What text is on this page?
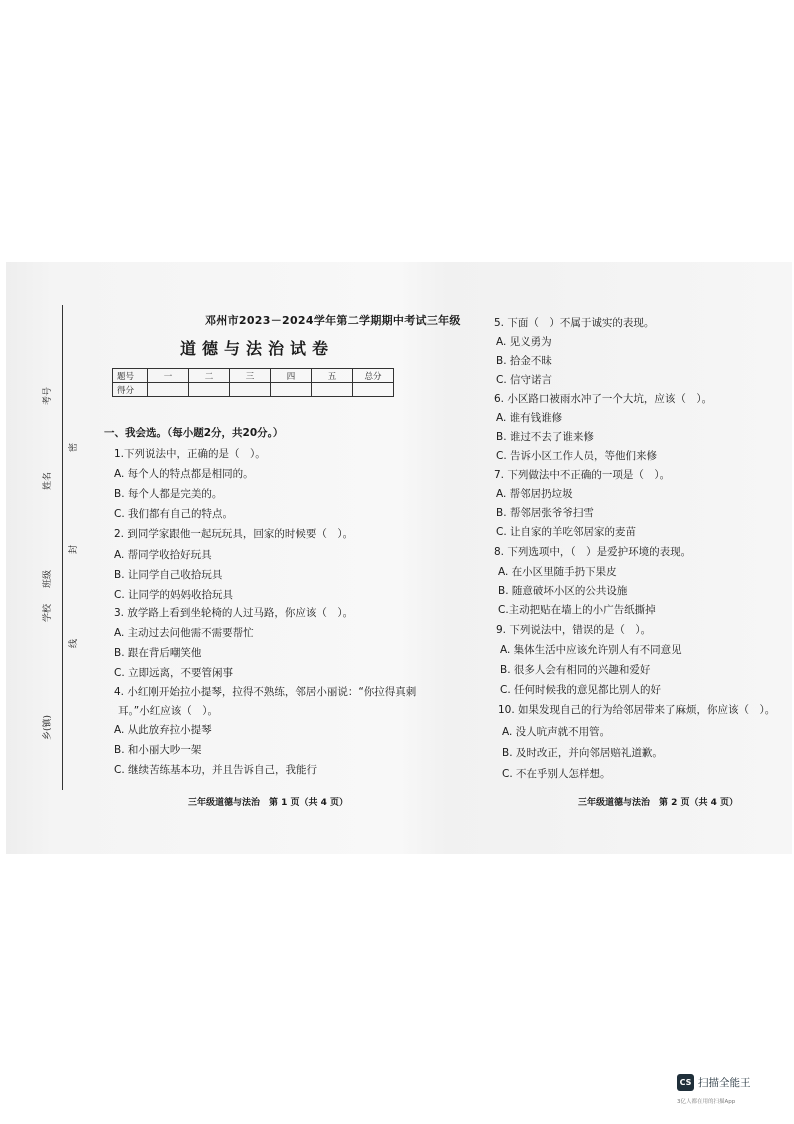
考号
姓名
密
封
班级
学校
线
乡(镇)
邓州市2023－2024学年第二学期期中考试三年级
道德与法治试卷
题号	一	二	三	四	五	总分
得分						
一、我会选。（每小题2分，共20分。）
1.下列说法中，正确的是（　）。
A. 每个人的特点都是相同的。
B. 每个人都是完美的。
C. 我们都有自己的特点。
2. 到同学家跟他一起玩玩具，回家的时候要（　）。
A. 帮同学收拾好玩具
B. 让同学自己收拾玩具
C. 让同学的妈妈收拾玩具
3. 放学路上看到坐轮椅的人过马路，你应该（　）。
A. 主动过去问他需不需要帮忙
B. 跟在背后嘲笑他
C. 立即远离，不要管闲事
4. 小红刚开始拉小提琴，拉得不熟练，邻居小丽说：“你拉得真刺
耳。”小红应该（　）。
A. 从此放弃拉小提琴
B. 和小丽大吵一架
C. 继续苦练基本功，并且告诉自己，我能行
三年级道德与法治　第 1 页（共 4 页）
5. 下面（　）不属于诚实的表现。
A. 见义勇为
B. 拾金不昧
C. 信守诺言
6. 小区路口被雨水冲了一个大坑，应该（　）。
A. 谁有钱谁修
B. 谁过不去了谁来修
C. 告诉小区工作人员，等他们来修
7. 下列做法中不正确的一项是（　）。
A. 帮邻居扔垃圾
B. 帮邻居张爷爷扫雪
C. 让自家的羊吃邻居家的麦苗
8. 下列选项中，（　）是爱护环境的表现。
A. 在小区里随手扔下果皮
B. 随意破坏小区的公共设施
C.主动把贴在墙上的小广告纸撕掉
9. 下列说法中，错误的是（　）。
A. 集体生活中应该允许别人有不同意见
B. 很多人会有相同的兴趣和爱好
C. 任何时候我的意见都比别人的好
10. 如果发现自己的行为给邻居带来了麻烦，你应该（　）。
A. 没人吭声就不用管。
B. 及时改正，并向邻居赔礼道歉。
C. 不在乎别人怎样想。
三年级道德与法治　第 2 页（共 4 页）
CS 扫描全能王
3亿人都在用的扫描App
